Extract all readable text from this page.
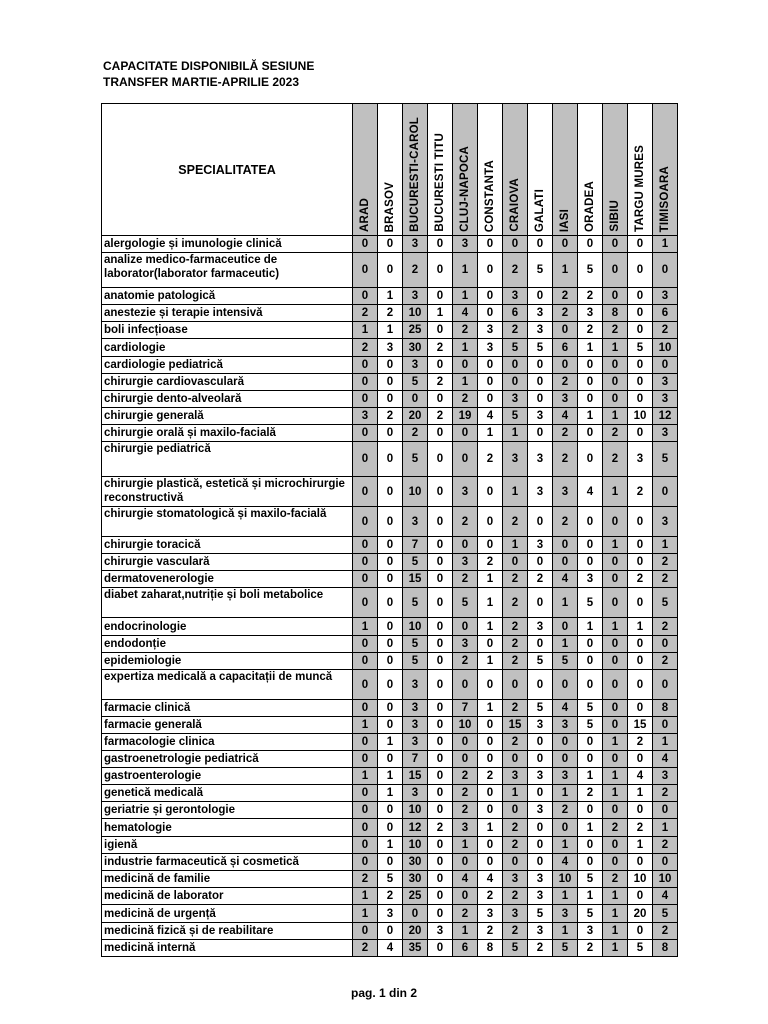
CAPACITATE DISPONIBILĂ SESIUNE
TRANSFER MARTIE-APRILIE 2023
SPECIALITATEA	ARAD	BRASOV	BUCURESTI-CAROL	BUCURESTI TITU	CLUJ-NAPOCA	CONSTANTA	CRAIOVA	GALATI	IASI	ORADEA	SIBIU	TARGU MURES	TIMISOARA
alergologie și imunologie clinică	0	0	3	0	3	0	0	0	0	0	0	0	1
analize medico-farmaceutice de laborator(laborator farmaceutic)	0	0	2	0	1	0	2	5	1	5	0	0	0
anatomie patologică	0	1	3	0	1	0	3	0	2	2	0	0	3
anestezie și terapie intensivă	2	2	10	1	4	0	6	3	2	3	8	0	6
boli infecțioase	1	1	25	0	2	3	2	3	0	2	2	0	2
cardiologie	2	3	30	2	1	3	5	5	6	1	1	5	10
cardiologie pediatrică	0	0	3	0	0	0	0	0	0	0	0	0	0
chirurgie cardiovasculară	0	0	5	2	1	0	0	0	2	0	0	0	3
chirurgie dento-alveolară	0	0	0	0	2	0	3	0	3	0	0	0	3
chirurgie generală	3	2	20	2	19	4	5	3	4	1	1	10	12
chirurgie orală și maxilo-facială	0	0	2	0	0	1	1	0	2	0	2	0	3
chirurgie pediatrică	0	0	5	0	0	2	3	3	2	0	2	3	5
chirurgie plastică, estetică și microchirurgie reconstructivă	0	0	10	0	3	0	1	3	3	4	1	2	0
chirurgie stomatologică și maxilo-facială	0	0	3	0	2	0	2	0	2	0	0	0	3
chirurgie toracică	0	0	7	0	0	0	1	3	0	0	1	0	1
chirurgie vasculară	0	0	5	0	3	2	0	0	0	0	0	0	2
dermatovenerologie	0	0	15	0	2	1	2	2	4	3	0	2	2
diabet zaharat,nutriție și boli metabolice	0	0	5	0	5	1	2	0	1	5	0	0	5
endocrinologie	1	0	10	0	0	1	2	3	0	1	1	1	2
endodonție	0	0	5	0	3	0	2	0	1	0	0	0	0
epidemiologie	0	0	5	0	2	1	2	5	5	0	0	0	2
expertiza medicală a capacitații de muncă	0	0	3	0	0	0	0	0	0	0	0	0	0
farmacie clinică	0	0	3	0	7	1	2	5	4	5	0	0	8
farmacie generală	1	0	3	0	10	0	15	3	3	5	0	15	0
farmacologie clinica	0	1	3	0	0	0	2	0	0	0	1	2	1
gastroenetrologie pediatrică	0	0	7	0	0	0	0	0	0	0	0	0	4
gastroenterologie	1	1	15	0	2	2	3	3	3	1	1	4	3
genetică medicală	0	1	3	0	2	0	1	0	1	2	1	1	2
geriatrie și gerontologie	0	0	10	0	2	0	0	3	2	0	0	0	0
hematologie	0	0	12	2	3	1	2	0	0	1	2	2	1
igienă	0	1	10	0	1	0	2	0	1	0	0	1	2
industrie farmaceutică și cosmetică	0	0	30	0	0	0	0	0	4	0	0	0	0
medicină de familie	2	5	30	0	4	4	3	3	10	5	2	10	10
medicină de laborator	1	2	25	0	0	2	2	3	1	1	1	0	4
medicină de urgență	1	3	0	0	2	3	3	5	3	5	1	20	5
medicină fizică și de reabilitare	0	0	20	3	1	2	2	3	1	3	1	0	2
medicină internă	2	4	35	0	6	8	5	2	5	2	1	5	8
pag. 1 din 2
